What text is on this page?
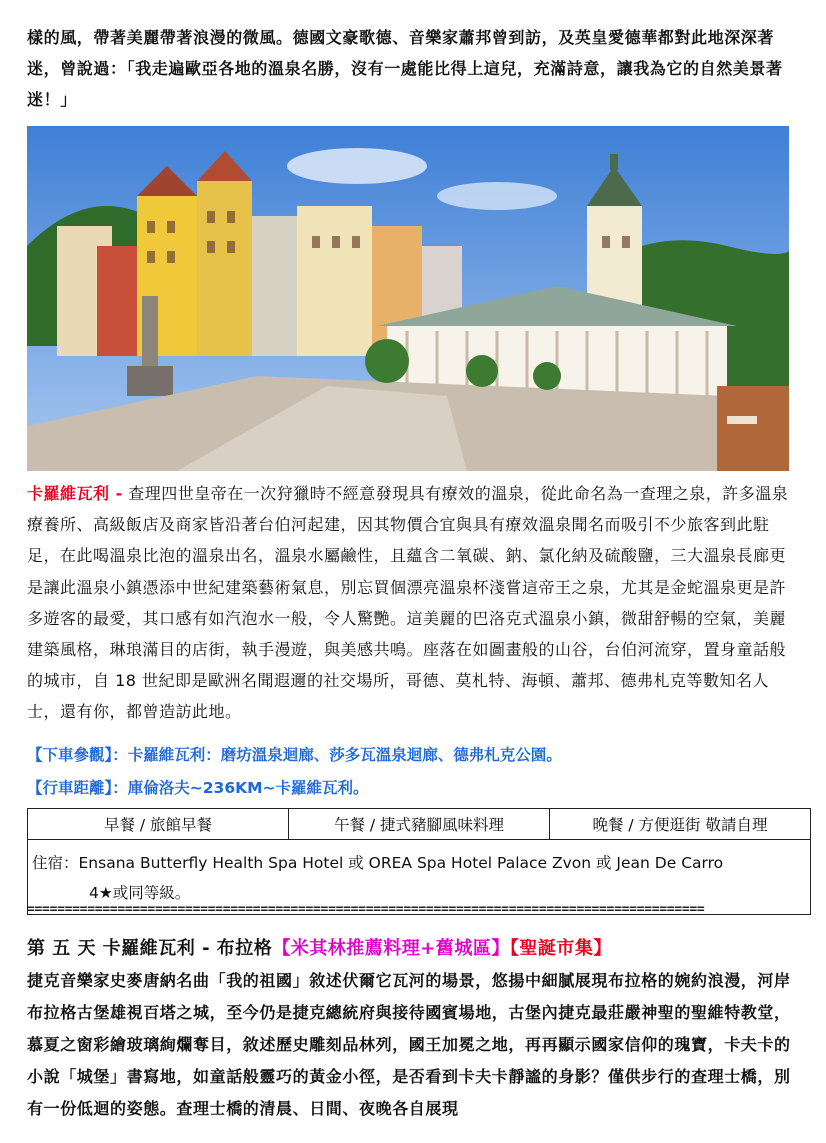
樣的風，帶著美麗帶著浪漫的微風。德國文豪歌德、音樂家蕭邦曾到訪，及英皇愛德華都對此地深深著迷，曾說過：「我走遍歐亞各地的溫泉名勝，沒有一處能比得上這兒，充滿詩意，讓我為它的自然美景著迷！」
卡羅維瓦利 - 查理四世皇帝在一次狩獵時不經意發現具有療效的溫泉，從此命名為一查理之泉，許多溫泉療養所、高級飯店及商家皆沿著台伯河起建，因其物價合宜與具有療效溫泉聞名而吸引不少旅客到此駐足，在此喝溫泉比泡的溫泉出名，溫泉水屬鹼性，且蘊含二氧碳、鈉、氯化納及硫酸鹽，三大溫泉長廊更是讓此溫泉小鎮憑添中世紀建築藝術氣息，別忘買個漂亮溫泉杯淺嘗這帝王之泉，尤其是金蛇溫泉更是許多遊客的最愛，其口感有如汽泡水一般，令人驚艷。這美麗的巴洛克式溫泉小鎮，微甜舒暢的空氣，美麗建築風格，琳琅滿目的店街，執手漫遊，與美感共鳴。座落在如圖畫般的山谷，台伯河流穿，置身童話般的城市，自 18 世紀即是歐洲名聞遐邇的社交場所，哥德、莫札特、海頓、蕭邦、德弗札克等數知名人士，還有你，都曾造訪此地。
【下車參觀】：卡羅維瓦利：磨坊溫泉迴廊、莎多瓦溫泉迴廊、德弗札克公園。
【行車距離】：庫倫洛夫~236KM~卡羅維瓦利。
早餐 / 旅館早餐	午餐 / 捷式豬腳風味料理	晚餐 / 方便逛街 敬請自理
住宿：Ensana Butterfly Health Spa Hotel 或 OREA Spa Hotel Palace Zvon 或 Jean De Carro
4★或同等級。
==========================================================================================
第 五 天 卡羅維瓦利 - 布拉格【米其林推薦料理+舊城區】【聖誕市集】
捷克音樂家史麥唐納名曲「我的祖國」敘述伏爾它瓦河的場景，悠揚中細膩展現布拉格的婉約浪漫，河岸布拉格古堡雄視百塔之城，至今仍是捷克總統府與接待國賓場地，古堡內捷克最莊嚴神聖的聖維特教堂，慕夏之窗彩繪玻璃絢爛奪目，敘述歷史雕刻品林列，國王加冕之地，再再顯示國家信仰的瑰寶，卡夫卡的小說「城堡」書寫地，如童話般靈巧的黃金小徑，是否看到卡夫卡靜謐的身影？僅供步行的查理士橋，別有一份低迴的姿態。查理士橋的清晨、日間、夜晚各自展現
